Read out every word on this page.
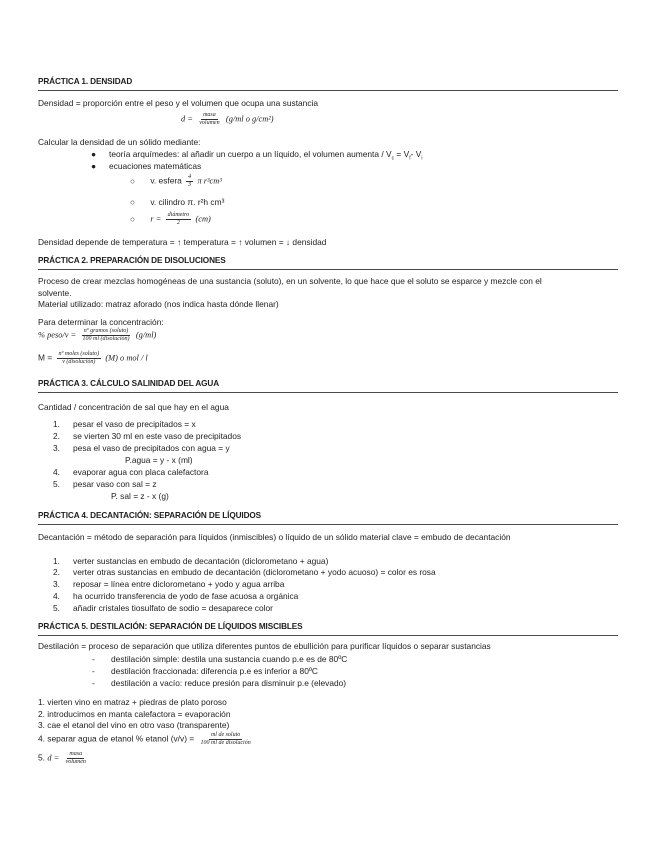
PRÁCTICA 1. DENSIDAD
Densidad = proporción entre el peso y el volumen que ocupa una sustancia
$d = \frac{\text{masa}}{\text{volumen}} (g/ml$ o g/cm²)
Calcular la densidad de un sólido mediante:
● teoría arquímedes: al añadir un cuerpo a un líquido, el volumen aumenta / $V_c = V_f-$ $V_i$
● ecuaciones matemáticas
○ v. esfera $\frac{4}{3}$ π r³cm³
○ v. cilindro π. r²h cm³
○ $r = \frac{\text{diámetro}}{2} (cm)$
Densidad depende de temperatura = ↑ temperatura = ↑ volumen = ↓ densidad
PRÁCTICA 2. PREPARACIÓN DE DISOLUCIONES
Proceso de crear mezclas homogéneas de una sustancia (soluto), en un solvente, lo que hace que el soluto se esparce y mezcle con el
solvente.
Material utilizado: matraz aforado (nos indica hasta dónde llenar)
Para determinar la concentración:
% peso/v = $\frac{\text{nº gramos (soluto)}}{\text{100 ml (disolución)}} (g/ml)$
$M = \frac{\text{nº moles (soluto)}}{\text{v (disolución)}} (M)$ o mol / l
PRÁCTICA 3. CÁLCULO SALINIDAD DEL AGUA
Cantidad / concentración de sal que hay en el agua
1. pesar el vaso de precipitados = x
2. se vierten 30 ml en este vaso de precipitados
3. pesa el vaso de precipitados con agua = y
P.agua = y - x (ml)
4. evaporar agua con placa calefactora
5. pesar vaso con sal = z
P. sal = z - x (g)
PRÁCTICA 4. DECANTACIÓN: SEPARACIÓN DE LÍQUIDOS
Decantación = método de separación para líquidos (inmiscibles) o líquido de un sólido material clave = embudo de decantación
1. verter sustancias en embudo de decantación (diclorometano + agua)
2. verter otras sustancias en embudo de decantación (diclorometano + yodo acuoso) = color es rosa
3. reposar = línea entre diclorometano + yodo y agua arriba
4. ha ocurrido transferencia de yodo de fase acuosa a orgánica
5. añadir cristales tiosulfato de sodio = desaparece color
PRÁCTICA 5. DESTILACIÓN: SEPARACIÓN DE LÍQUIDOS MISCIBLES
Destilación = proceso de separación que utiliza diferentes puntos de ebullición para purificar líquidos o separar sustancias
- destilación simple: destila una sustancia cuando p.e es de 80ºC
- destilación fraccionada: diferencia p.e es inferior a 80ºC
- destilación a vacío: reduce presión para disminuir p.e (elevado)
1. vierten vino en matraz + piedras de plato poroso
2. introducimos en manta calefactora = evaporación
3. cae el etanol del vino en otro vaso (transparente)
4. separar agua de etanol % etanol $(v/v) = \frac{\text{ml de soluto}}{\text{100 ml de disolución}}$
5. $d = \frac{\text{masa}}{\text{volumen}}$
